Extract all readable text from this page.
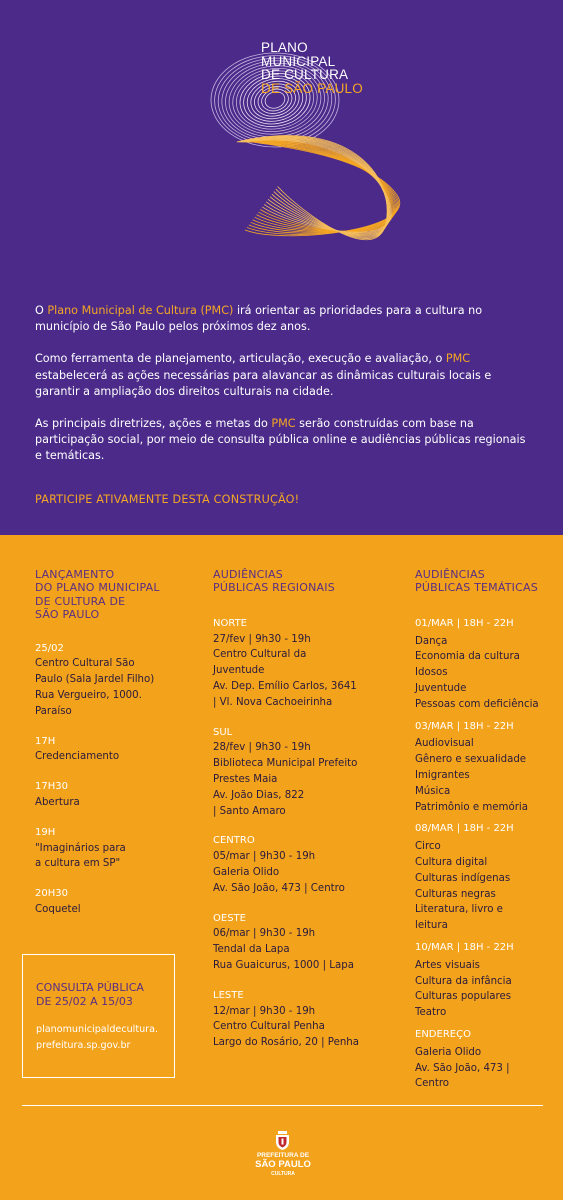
PLANO
MUNICIPAL
DE CULTURA
DE SÃO PAULO

O Plano Municipal de Cultura (PMC) irá orientar as prioridades para a cultura no município de São Paulo pelos próximos dez anos.

Como ferramenta de planejamento, articulação, execução e avaliação, o PMC estabelecerá as ações necessárias para alavancar as dinâmicas culturais locais e garantir a ampliação dos direitos culturais na cidade.

As principais diretrizes, ações e metas do PMC serão construídas com base na participação social, por meio de consulta pública online e audiências públicas regionais e temáticas.

PARTICIPE ATIVAMENTE DESTA CONSTRUÇÃO!
LANÇAMENTO
DO PLANO MUNICIPAL
DE CULTURA DE
SÃO PAULO
25/02
Centro Cultural São
Paulo (Sala Jardel Filho)
Rua Vergueiro, 1000.
Paraíso
17H
Credenciamento
17H30
Abertura
19H
"Imaginários para
a cultura em SP"
20H30
Coquetel
AUDIÊNCIAS
PÚBLICAS REGIONAIS
NORTE
27/fev | 9h30 - 19h
Centro Cultural da
Juventude
Av. Dep. Emílio Carlos, 3641
| Vl. Nova Cachoeirinha
SUL
28/fev | 9h30 - 19h
Biblioteca Municipal Prefeito
Prestes Maia
Av. João Dias, 822
| Santo Amaro
CENTRO
05/mar | 9h30 - 19h
Galeria Olido
Av. São João, 473 | Centro
OESTE
06/mar | 9h30 - 19h
Tendal da Lapa
Rua Guaicurus, 1000 | Lapa
LESTE
12/mar | 9h30 - 19h
Centro Cultural Penha
Largo do Rosário, 20 | Penha
AUDIÊNCIAS
PÚBLICAS TEMÁTICAS
01/MAR | 18H - 22H
Dança
Economia da cultura
Idosos
Juventude
Pessoas com deficiência
03/MAR | 18H - 22H
Audiovisual
Gênero e sexualidade
Imigrantes
Música
Patrimônio e memória
08/MAR | 18H - 22H
Circo
Cultura digital
Culturas indígenas
Culturas negras
Literatura, livro e
leitura
10/MAR | 18H - 22H
Artes visuais
Cultura da infância
Culturas populares
Teatro
ENDEREÇO
Galeria Olido
Av. São João, 473 |
Centro
CONSULTA PÚBLICA
DE 25/02 A 15/03
planomunicipaldecultura.
prefeitura.sp.gov.br
PREFEITURA DE
SÃO PAULO
CULTURA
